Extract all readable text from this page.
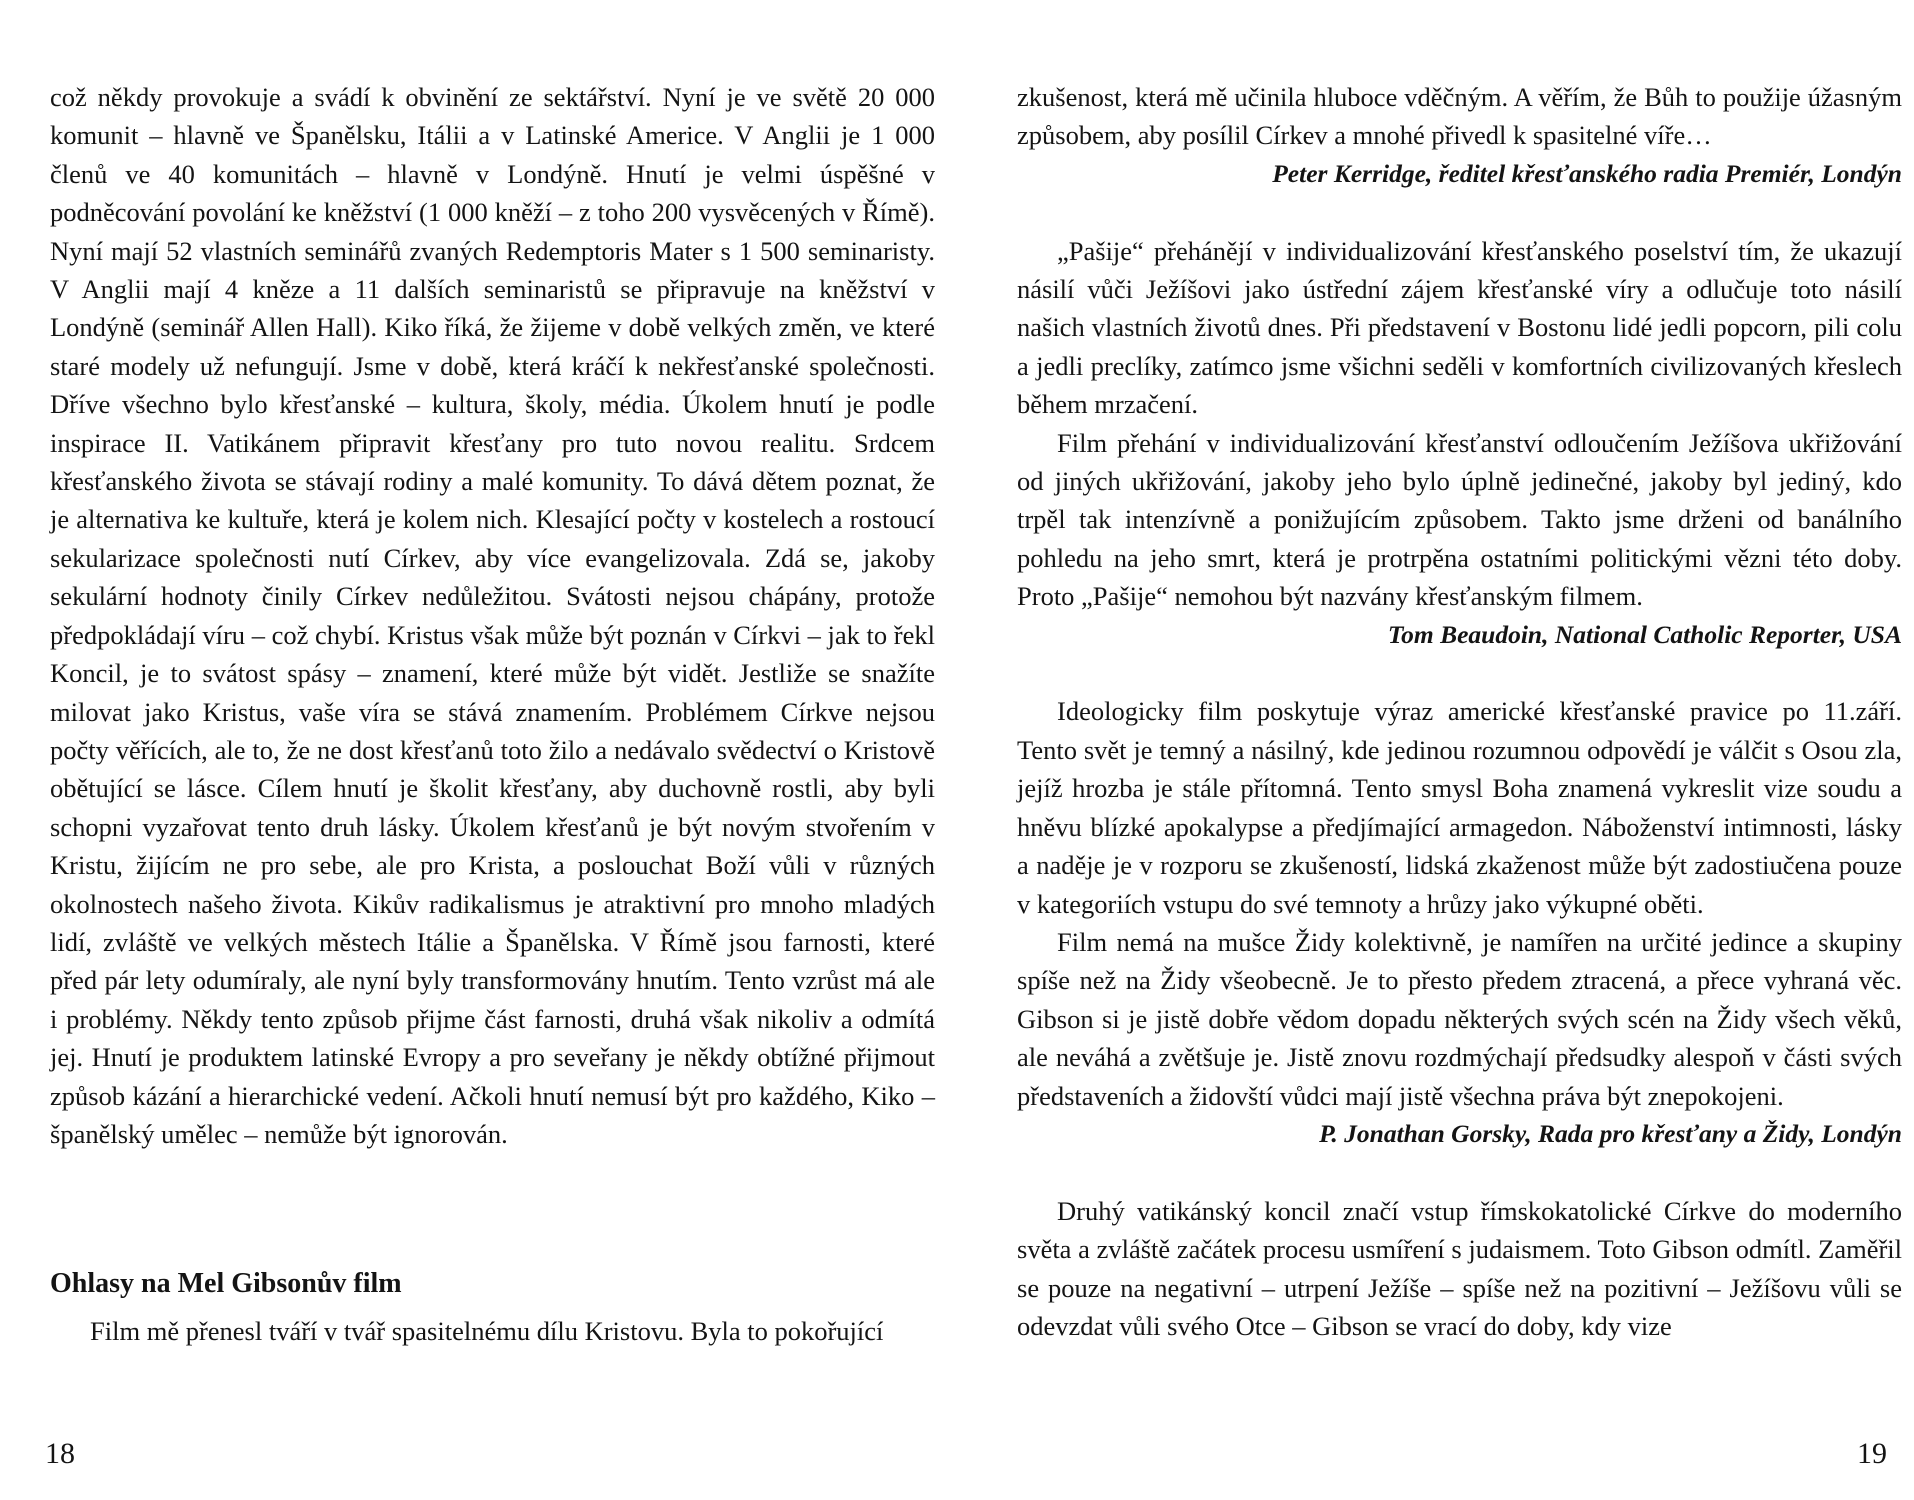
což někdy provokuje a svádí k obvinění ze sektářství. Nyní je ve světě 20 000 komunit – hlavně ve Španělsku, Itálii a v Latinské Americe. V Anglii je 1 000 členů ve 40 komunitách – hlavně v Londýně. Hnutí je velmi úspěšné v podněcování povolání ke kněžství (1 000 kněží – z toho 200 vysvěcených v Římě). Nyní mají 52 vlastních seminářů zvaných Redemptoris Mater s 1 500 seminaristy. V Anglii mají 4 kněze a 11 dalších seminaristů se připravuje na kněžství v Londýně (seminář Allen Hall). Kiko říká, že žijeme v době velkých změn, ve které staré modely už nefungují. Jsme v době, která kráčí k nekřesťanské společnosti. Dříve všechno bylo křesťanské – kultura, školy, média. Úkolem hnutí je podle inspirace II. Vatikánem připravit křesťany pro tuto novou realitu. Srdcem křesťanského života se stávají rodiny a malé komunity. To dává dětem poznat, že je alternativa ke kultuře, která je kolem nich. Klesající počty v kostelech a rostoucí sekularizace společnosti nutí Církev, aby více evangelizovala. Zdá se, jakoby sekulární hodnoty činily Církev nedůležitou. Svátosti nejsou chápány, protože předpokládají víru – což chybí. Kristus však může být poznán v Církvi – jak to řekl Koncil, je to svátost spásy – znamení, které může být vidět. Jestliže se snažíte milovat jako Kristus, vaše víra se stává znamením. Problémem Církve nejsou počty věřících, ale to, že ne dost křesťanů toto žilo a nedávalo svědectví o Kristově obětující se lásce. Cílem hnutí je školit křesťany, aby duchovně rostli, aby byli schopni vyzařovat tento druh lásky. Úkolem křesťanů je být novým stvořením v Kristu, žijícím ne pro sebe, ale pro Krista, a poslouchat Boží vůli v různých okolnostech našeho života. Kikův radikalismus je atraktivní pro mnoho mladých lidí, zvláště ve velkých městech Itálie a Španělska. V Římě jsou farnosti, které před pár lety odumíraly, ale nyní byly transformovány hnutím. Tento vzrůst má ale i problémy. Někdy tento způsob přijme část farnosti, druhá však nikoliv a odmítá jej. Hnutí je produktem latinské Evropy a pro seveřany je někdy obtížné přijmout způsob kázání a hierarchické vedení. Ačkoli hnutí nemusí být pro každého, Kiko – španělský umělec – nemůže být ignorován.

Ohlasy na Mel Gibsonův film

Film mě přenesl tváří v tvář spasitelnému dílu Kristovu. Byla to pokořující

18

zkušenost, která mě učinila hluboce vděčným. A věřím, že Bůh to použije úžasným způsobem, aby posílil Církev a mnohé přivedl k spasitelné víře…

Peter Kerridge, ředitel křesťanského radia Premiér, Londýn

„Pašije“ přehánějí v individualizování křesťanského poselství tím, že ukazují násilí vůči Ježíšovi jako ústřední zájem křesťanské víry a odlučuje toto násilí našich vlastních životů dnes. Při představení v Bostonu lidé jedli popcorn, pili colu a jedli preclíky, zatímco jsme všichni seděli v komfortních civilizovaných křeslech během mrzačení.

Film přehání v individualizování křesťanství odloučením Ježíšova ukřižování od jiných ukřižování, jakoby jeho bylo úplně jedinečné, jakoby byl jediný, kdo trpěl tak intenzívně a ponižujícím způsobem. Takto jsme drženi od banálního pohledu na jeho smrt, která je protrpěna ostatními politickými vězni této doby. Proto „Pašije“ nemohou být nazvány křesťanským filmem.

Tom Beaudoin, National Catholic Reporter, USA

Ideologicky film poskytuje výraz americké křesťanské pravice po 11.září. Tento svět je temný a násilný, kde jedinou rozumnou odpovědí je válčit s Osou zla, jejíž hrozba je stále přítomná. Tento smysl Boha znamená vykreslit vize soudu a hněvu blízké apokalypse a předjímající armagedon. Náboženství intimnosti, lásky a naděje je v rozporu se zkušeností, lidská zkaženost může být zadostiučena pouze v kategoriích vstupu do své temnoty a hrůzy jako výkupné oběti.

Film nemá na mušce Židy kolektivně, je namířen na určité jedince a skupiny spíše než na Židy všeobecně. Je to přesto předem ztracená, a přece vyhraná věc. Gibson si je jistě dobře vědom dopadu některých svých scén na Židy všech věků, ale neváhá a zvětšuje je. Jistě znovu rozdmýchají předsudky alespoň v části svých představeních a židovští vůdci mají jistě všechna práva být znepokojeni.

P. Jonathan Gorsky, Rada pro křesťany a Židy, Londýn

Druhý vatikánský koncil značí vstup římskokatolické Církve do moderního světa a zvláště začátek procesu usmíření s judaismem. Toto Gibson odmítl. Zaměřil se pouze na negativní – utrpení Ježíše – spíše než na pozitivní – Ježíšovu vůli se odevzdat vůli svého Otce – Gibson se vrací do doby, kdy vize

19
